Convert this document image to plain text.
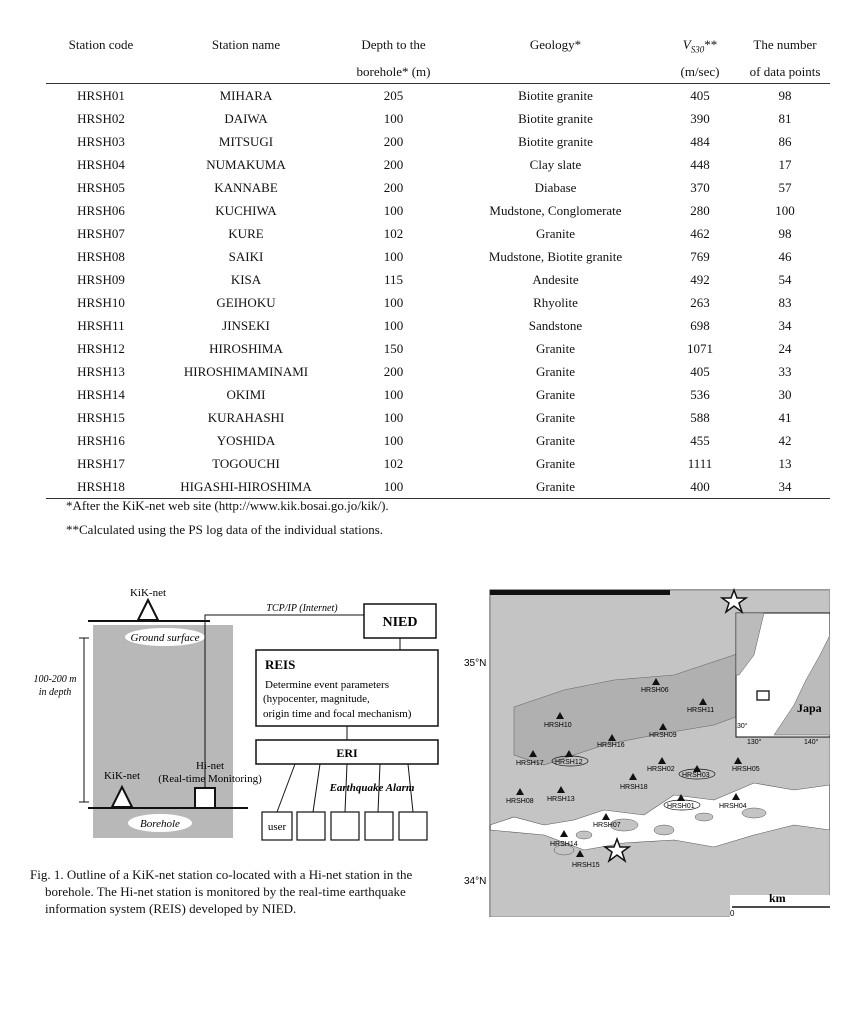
Station code	Station name	Depth to the	Geology*	$V_{S30}**$	The number
		borehole* (m)		(m/sec)	of data points
HRSH01	MIHARA	205	Biotite granite	405	98
HRSH02	DAIWA	100	Biotite granite	390	81
HRSH03	MITSUGI	200	Biotite granite	484	86
HRSH04	NUMAKUMA	200	Clay slate	448	17
HRSH05	KANNABE	200	Diabase	370	57
HRSH06	KUCHIWA	100	Mudstone, Conglomerate	280	100
HRSH07	KURE	102	Granite	462	98
HRSH08	SAIKI	100	Mudstone, Biotite granite	769	46
HRSH09	KISA	115	Andesite	492	54
HRSH10	GEIHOKU	100	Rhyolite	263	83
HRSH11	JINSEKI	100	Sandstone	698	34
HRSH12	HIROSHIMA	150	Granite	1071	24
HRSH13	HIROSHIMAMINAMI	200	Granite	405	33
HRSH14	OKIMI	100	Granite	536	30
HRSH15	KURAHASHI	100	Granite	588	41
HRSH16	YOSHIDA	100	Granite	455	42
HRSH17	TOGOUCHI	102	Granite	1111	13
HRSH18	HIGASHI-HIROSHIMA	100	Granite	400	34
*After the KiK-net web site (http://www.kik.bosai.go.jo/kik/).
**Calculated using the PS log data of the individual stations.
KiK-net
Ground surface
TCP/IP (Internet)
NIED
REIS
Determine event parameters
(hypocenter, magnitude,
origin time and focal mechanism)
ERI
Earthquake Alarm
user
100-200 m
in depth
KiK-net
Hi-net
(Real-time Monitoring)
Borehole
Fig. 1. Outline of a KiK-net station co-located with a Hi-net station in the
borehole. The Hi-net station is monitored by the real-time earthquake
information system (REIS) developed by NIED.
35°N
34°N
Japa
30°
130°	140°
HRSH06
HRSH11
HRSH10
HRSH09
HRSH16
HRSH17 HRSH12
HRSH02
HRSH03
HRSH05
HRSH18
HRSH08 HRSH13
HRSH01	HRSH04
HRSH07
HRSH14
HRSH15
km
0
